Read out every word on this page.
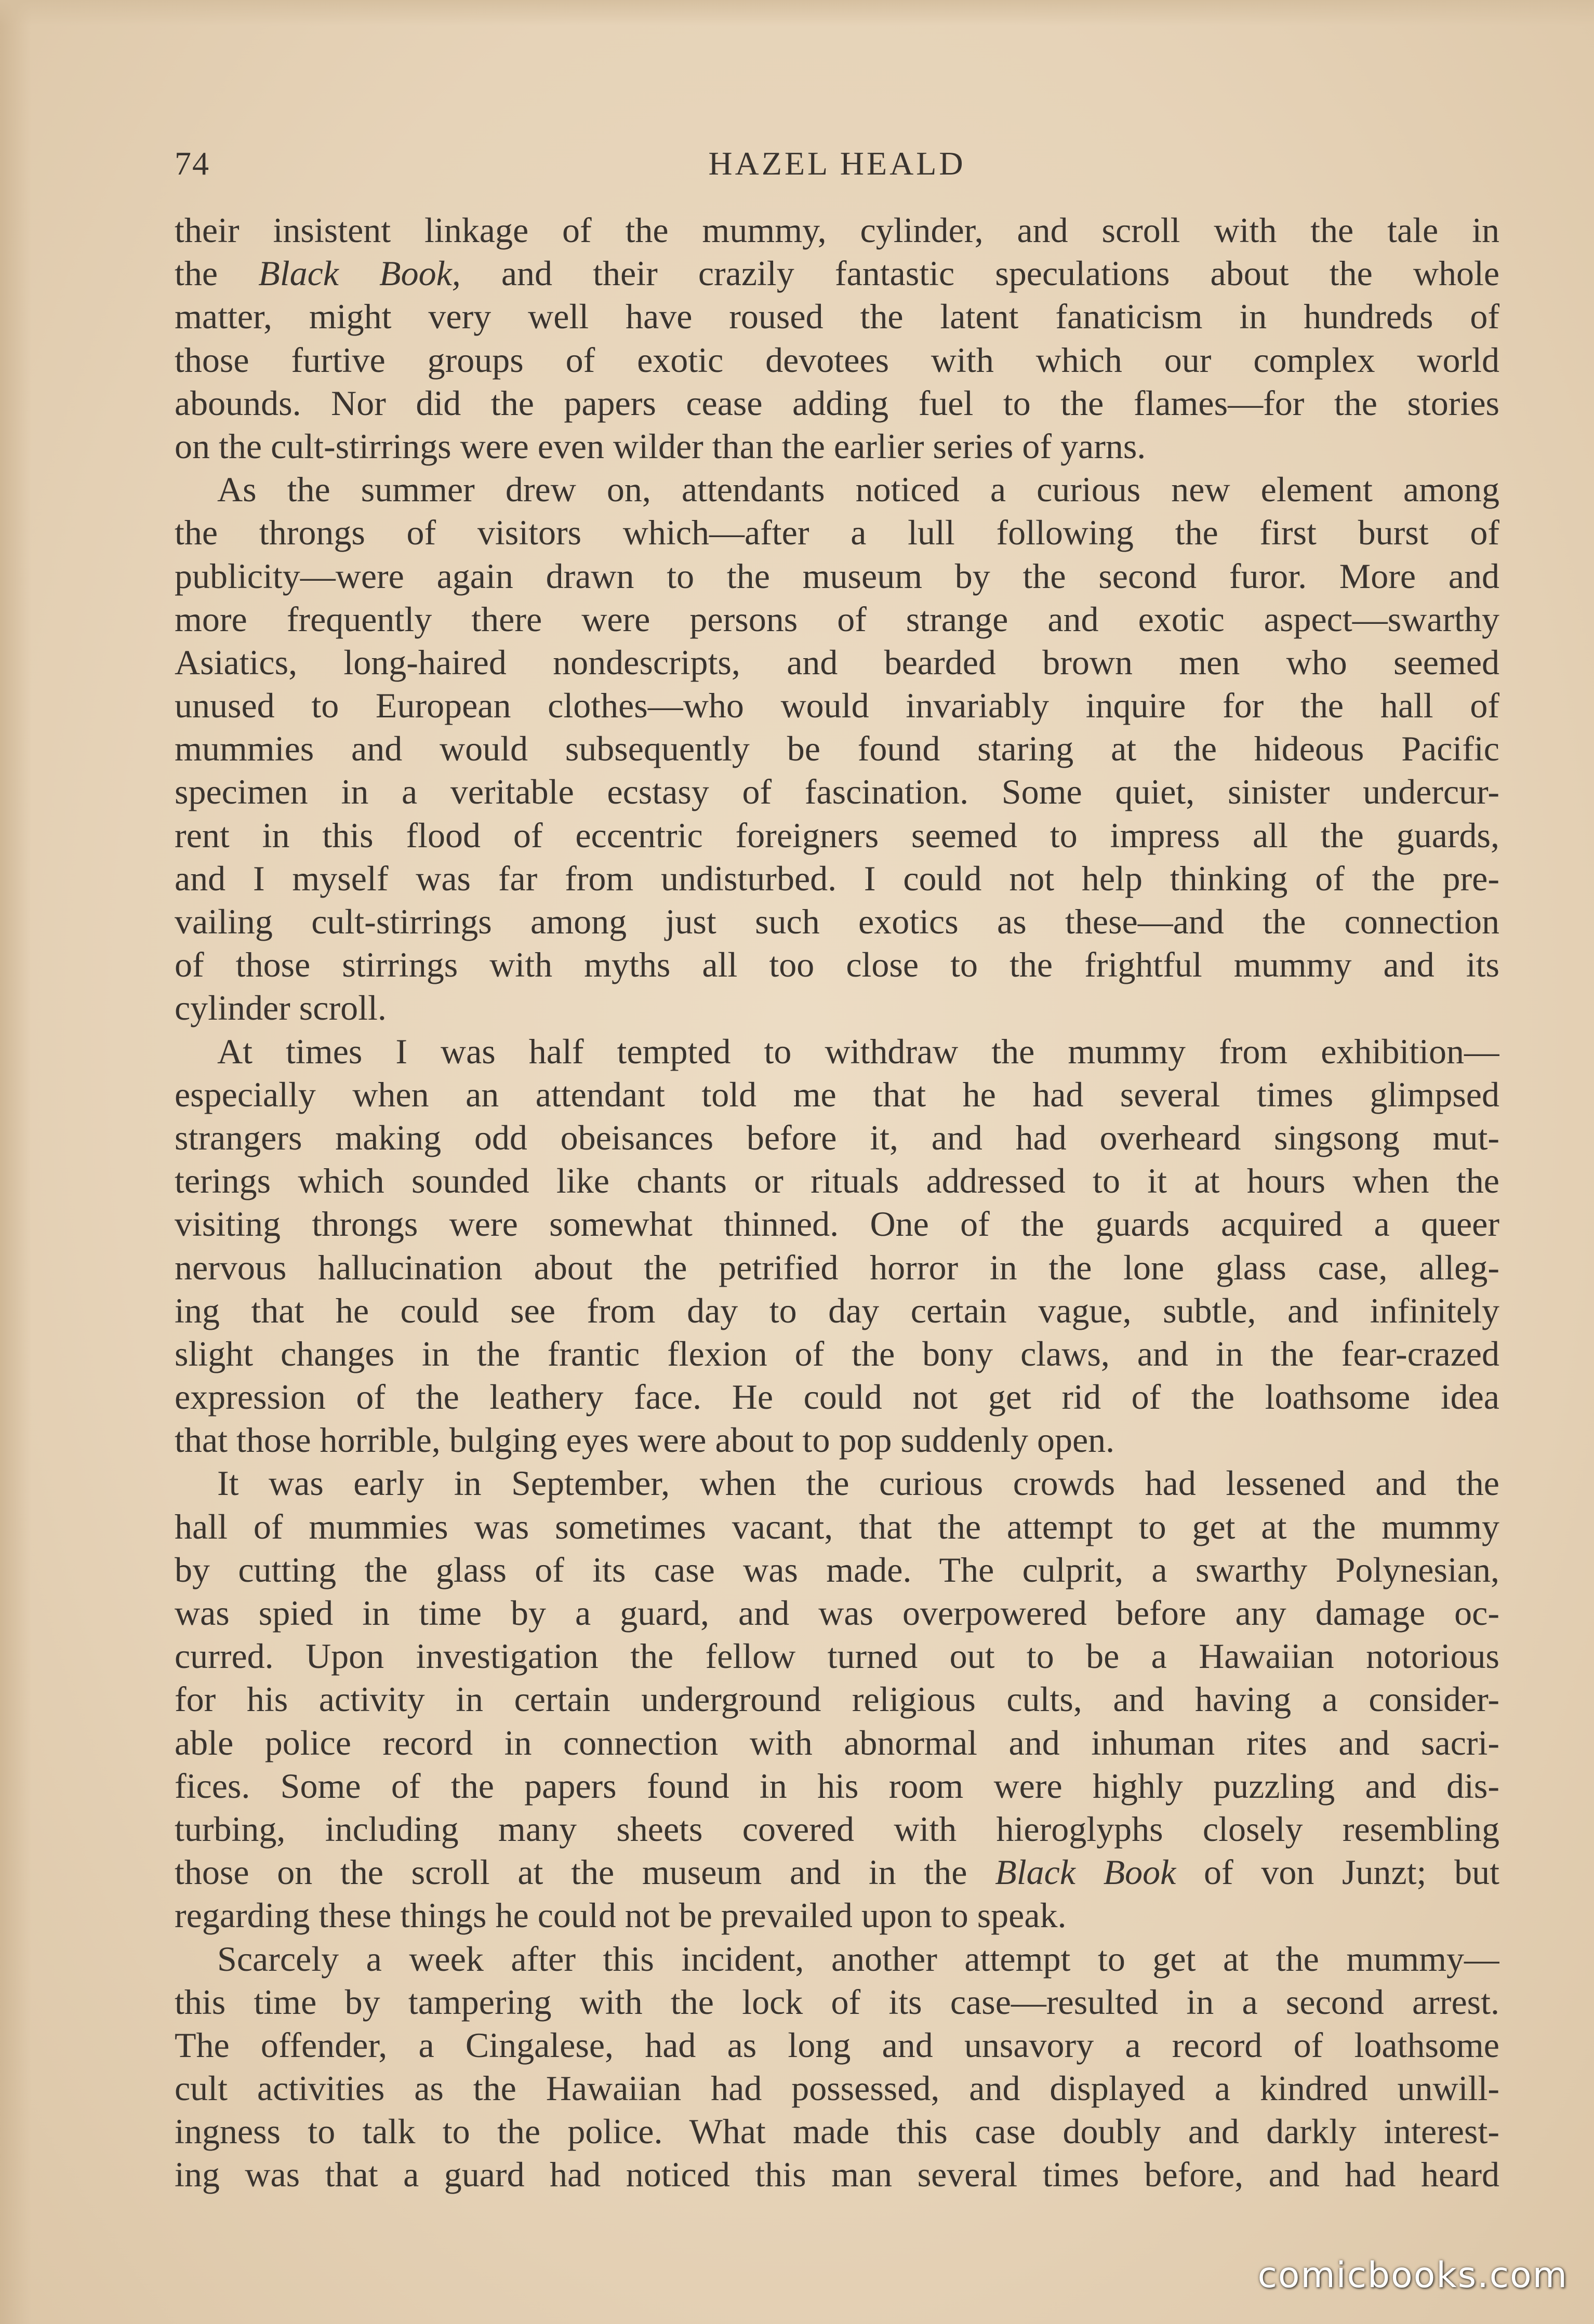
74	HAZEL HEALD
their insistent linkage of the mummy, cylinder, and scroll with the tale in
the Black Book, and their crazily fantastic speculations about the whole
matter, might very well have roused the latent fanaticism in hundreds of
those furtive groups of exotic devotees with which our complex world
abounds. Nor did the papers cease adding fuel to the flames—for the stories
on the cult-stirrings were even wilder than the earlier series of yarns.
As the summer drew on, attendants noticed a curious new element among
the throngs of visitors which—after a lull following the first burst of
publicity—were again drawn to the museum by the second furor. More and
more frequently there were persons of strange and exotic aspect—swarthy
Asiatics, long-haired nondescripts, and bearded brown men who seemed
unused to European clothes—who would invariably inquire for the hall of
mummies and would subsequently be found staring at the hideous Pacific
specimen in a veritable ecstasy of fascination. Some quiet, sinister undercur-
rent in this flood of eccentric foreigners seemed to impress all the guards,
and I myself was far from undisturbed. I could not help thinking of the pre-
vailing cult-stirrings among just such exotics as these—and the connection
of those stirrings with myths all too close to the frightful mummy and its
cylinder scroll.
At times I was half tempted to withdraw the mummy from exhibition—
especially when an attendant told me that he had several times glimpsed
strangers making odd obeisances before it, and had overheard singsong mut-
terings which sounded like chants or rituals addressed to it at hours when the
visiting throngs were somewhat thinned. One of the guards acquired a queer
nervous hallucination about the petrified horror in the lone glass case, alleg-
ing that he could see from day to day certain vague, subtle, and infinitely
slight changes in the frantic flexion of the bony claws, and in the fear-crazed
expression of the leathery face. He could not get rid of the loathsome idea
that those horrible, bulging eyes were about to pop suddenly open.
It was early in September, when the curious crowds had lessened and the
hall of mummies was sometimes vacant, that the attempt to get at the mummy
by cutting the glass of its case was made. The culprit, a swarthy Polynesian,
was spied in time by a guard, and was overpowered before any damage oc-
curred. Upon investigation the fellow turned out to be a Hawaiian notorious
for his activity in certain underground religious cults, and having a consider-
able police record in connection with abnormal and inhuman rites and sacri-
fices. Some of the papers found in his room were highly puzzling and dis-
turbing, including many sheets covered with hieroglyphs closely resembling
those on the scroll at the museum and in the Black Book of von Junzt; but
regarding these things he could not be prevailed upon to speak.
Scarcely a week after this incident, another attempt to get at the mummy—
this time by tampering with the lock of its case—resulted in a second arrest.
The offender, a Cingalese, had as long and unsavory a record of loathsome
cult activities as the Hawaiian had possessed, and displayed a kindred unwill-
ingness to talk to the police. What made this case doubly and darkly interest-
ing was that a guard had noticed this man several times before, and had heard
comicbooks.com
